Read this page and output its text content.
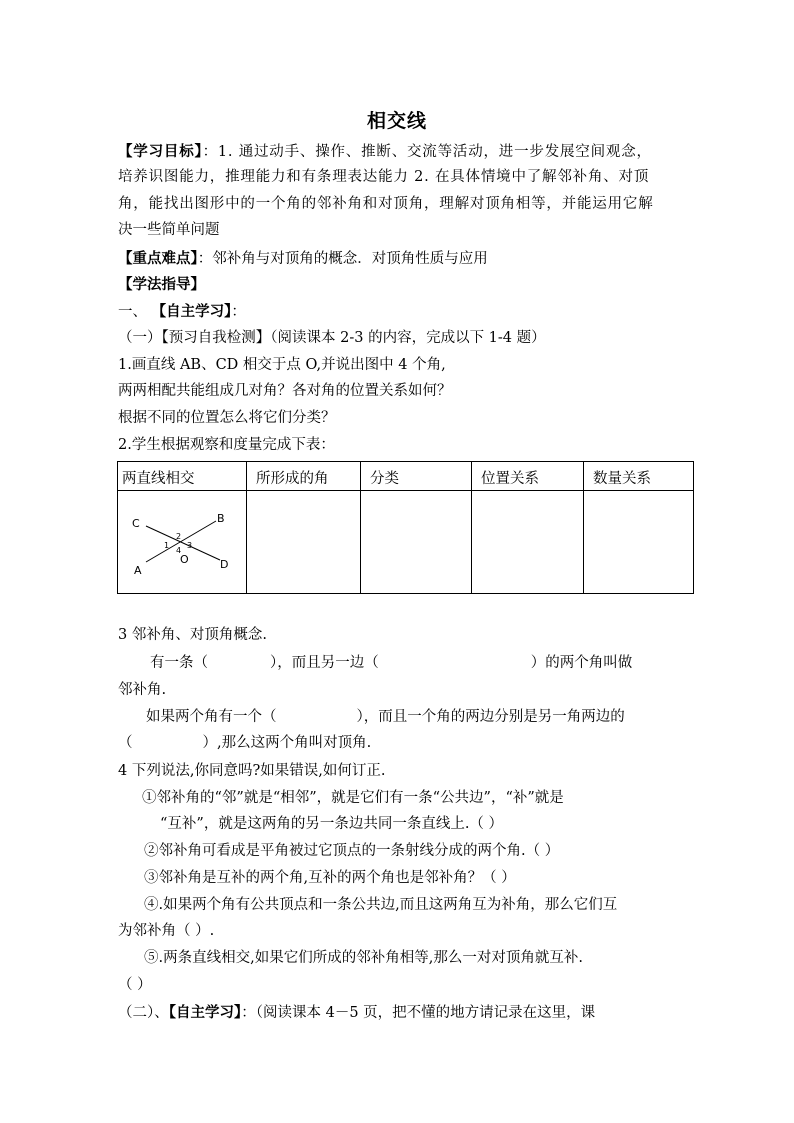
相交线
【学习目标】：1. 通过动手、操作、推断、交流等活动，进一步发展空间观念，
培养识图能力，推理能力和有条理表达能力 2. 在具体情境中了解邻补角、对顶
角，能找出图形中的一个角的邻补角和对顶角，理解对顶角相等，并能运用它解
决一些简单问题
【重点难点】：邻补角与对顶角的概念．对顶角性质与应用
【学法指导】
一、 【自主学习】：
（一）【预习自我检测】（阅读课本 2-3 的内容，完成以下 1-4 题）
1.画直线 AB、CD 相交于点 O,并说出图中 4 个角,
两两相配共能组成几对角？各对角的位置关系如何？
根据不同的位置怎么将它们分类？
2.学生根据观察和度量完成下表：
两直线相交	所形成的角	分类	位置关系	数量关系
C	B
A	D
O
1
2
3
4
3 邻补角、对顶角概念.
有一条（	），而且另一边（	）的两个角叫做
邻补角.
如果两个角有一个（	），而且一个角的两边分别是另一角两边的
（	）,那么这两个角叫对顶角.
4 下列说法,你同意吗?如果错误,如何订正.
①邻补角的“邻”就是“相邻”，就是它们有一条“公共边”，“补”就是
“互补”，就是这两角的另一条边共同一条直线上.（ ）
②邻补角可看成是平角被过它顶点的一条射线分成的两个角.（ ）
③邻补角是互补的两个角,互补的两个角也是邻补角？（ ）
④.如果两个角有公共顶点和一条公共边,而且这两角互为补角，那么它们互
为邻补角（ ）.
⑤.两条直线相交,如果它们所成的邻补角相等,那么一对对顶角就互补.
（ ）
（二）、【自主学习】：（阅读课本 4－5 页，把不懂的地方请记录在这里，课
